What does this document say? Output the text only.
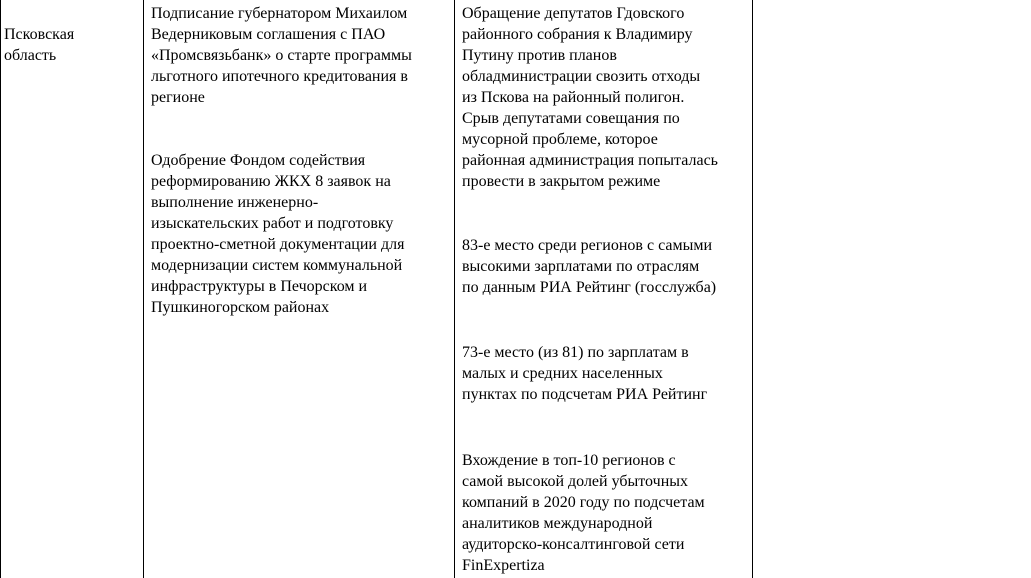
Псковская
область

Подписание губернатором Михаилом
Ведерниковым соглашения с ПАО
«Промсвязьбанк» о старте программы
льготного ипотечного кредитования в
регионе

Одобрение Фондом содействия
реформированию ЖКХ 8 заявок на
выполнение инженерно-
изыскательских работ и подготовку
проектно-сметной документации для
модернизации систем коммунальной
инфраструктуры в Печорском и
Пушкиногорском районах

Обращение депутатов Гдовского
районного собрания к Владимиру
Путину против планов
обладминистрации свозить отходы
из Пскова на районный полигон.
Срыв депутатами совещания по
мусорной проблеме, которое
районная администрация попыталась
провести в закрытом режиме

83-е место среди регионов с самыми
высокими зарплатами по отраслям
по данным РИА Рейтинг (госслужба)

73-е место (из 81) по зарплатам в
малых и средних населенных
пунктах по подсчетам РИА Рейтинг

Вхождение в топ-10 регионов с
самой высокой долей убыточных
компаний в 2020 году по подсчетам
аналитиков международной
аудиторско-консалтинговой сети
FinExpertiza
